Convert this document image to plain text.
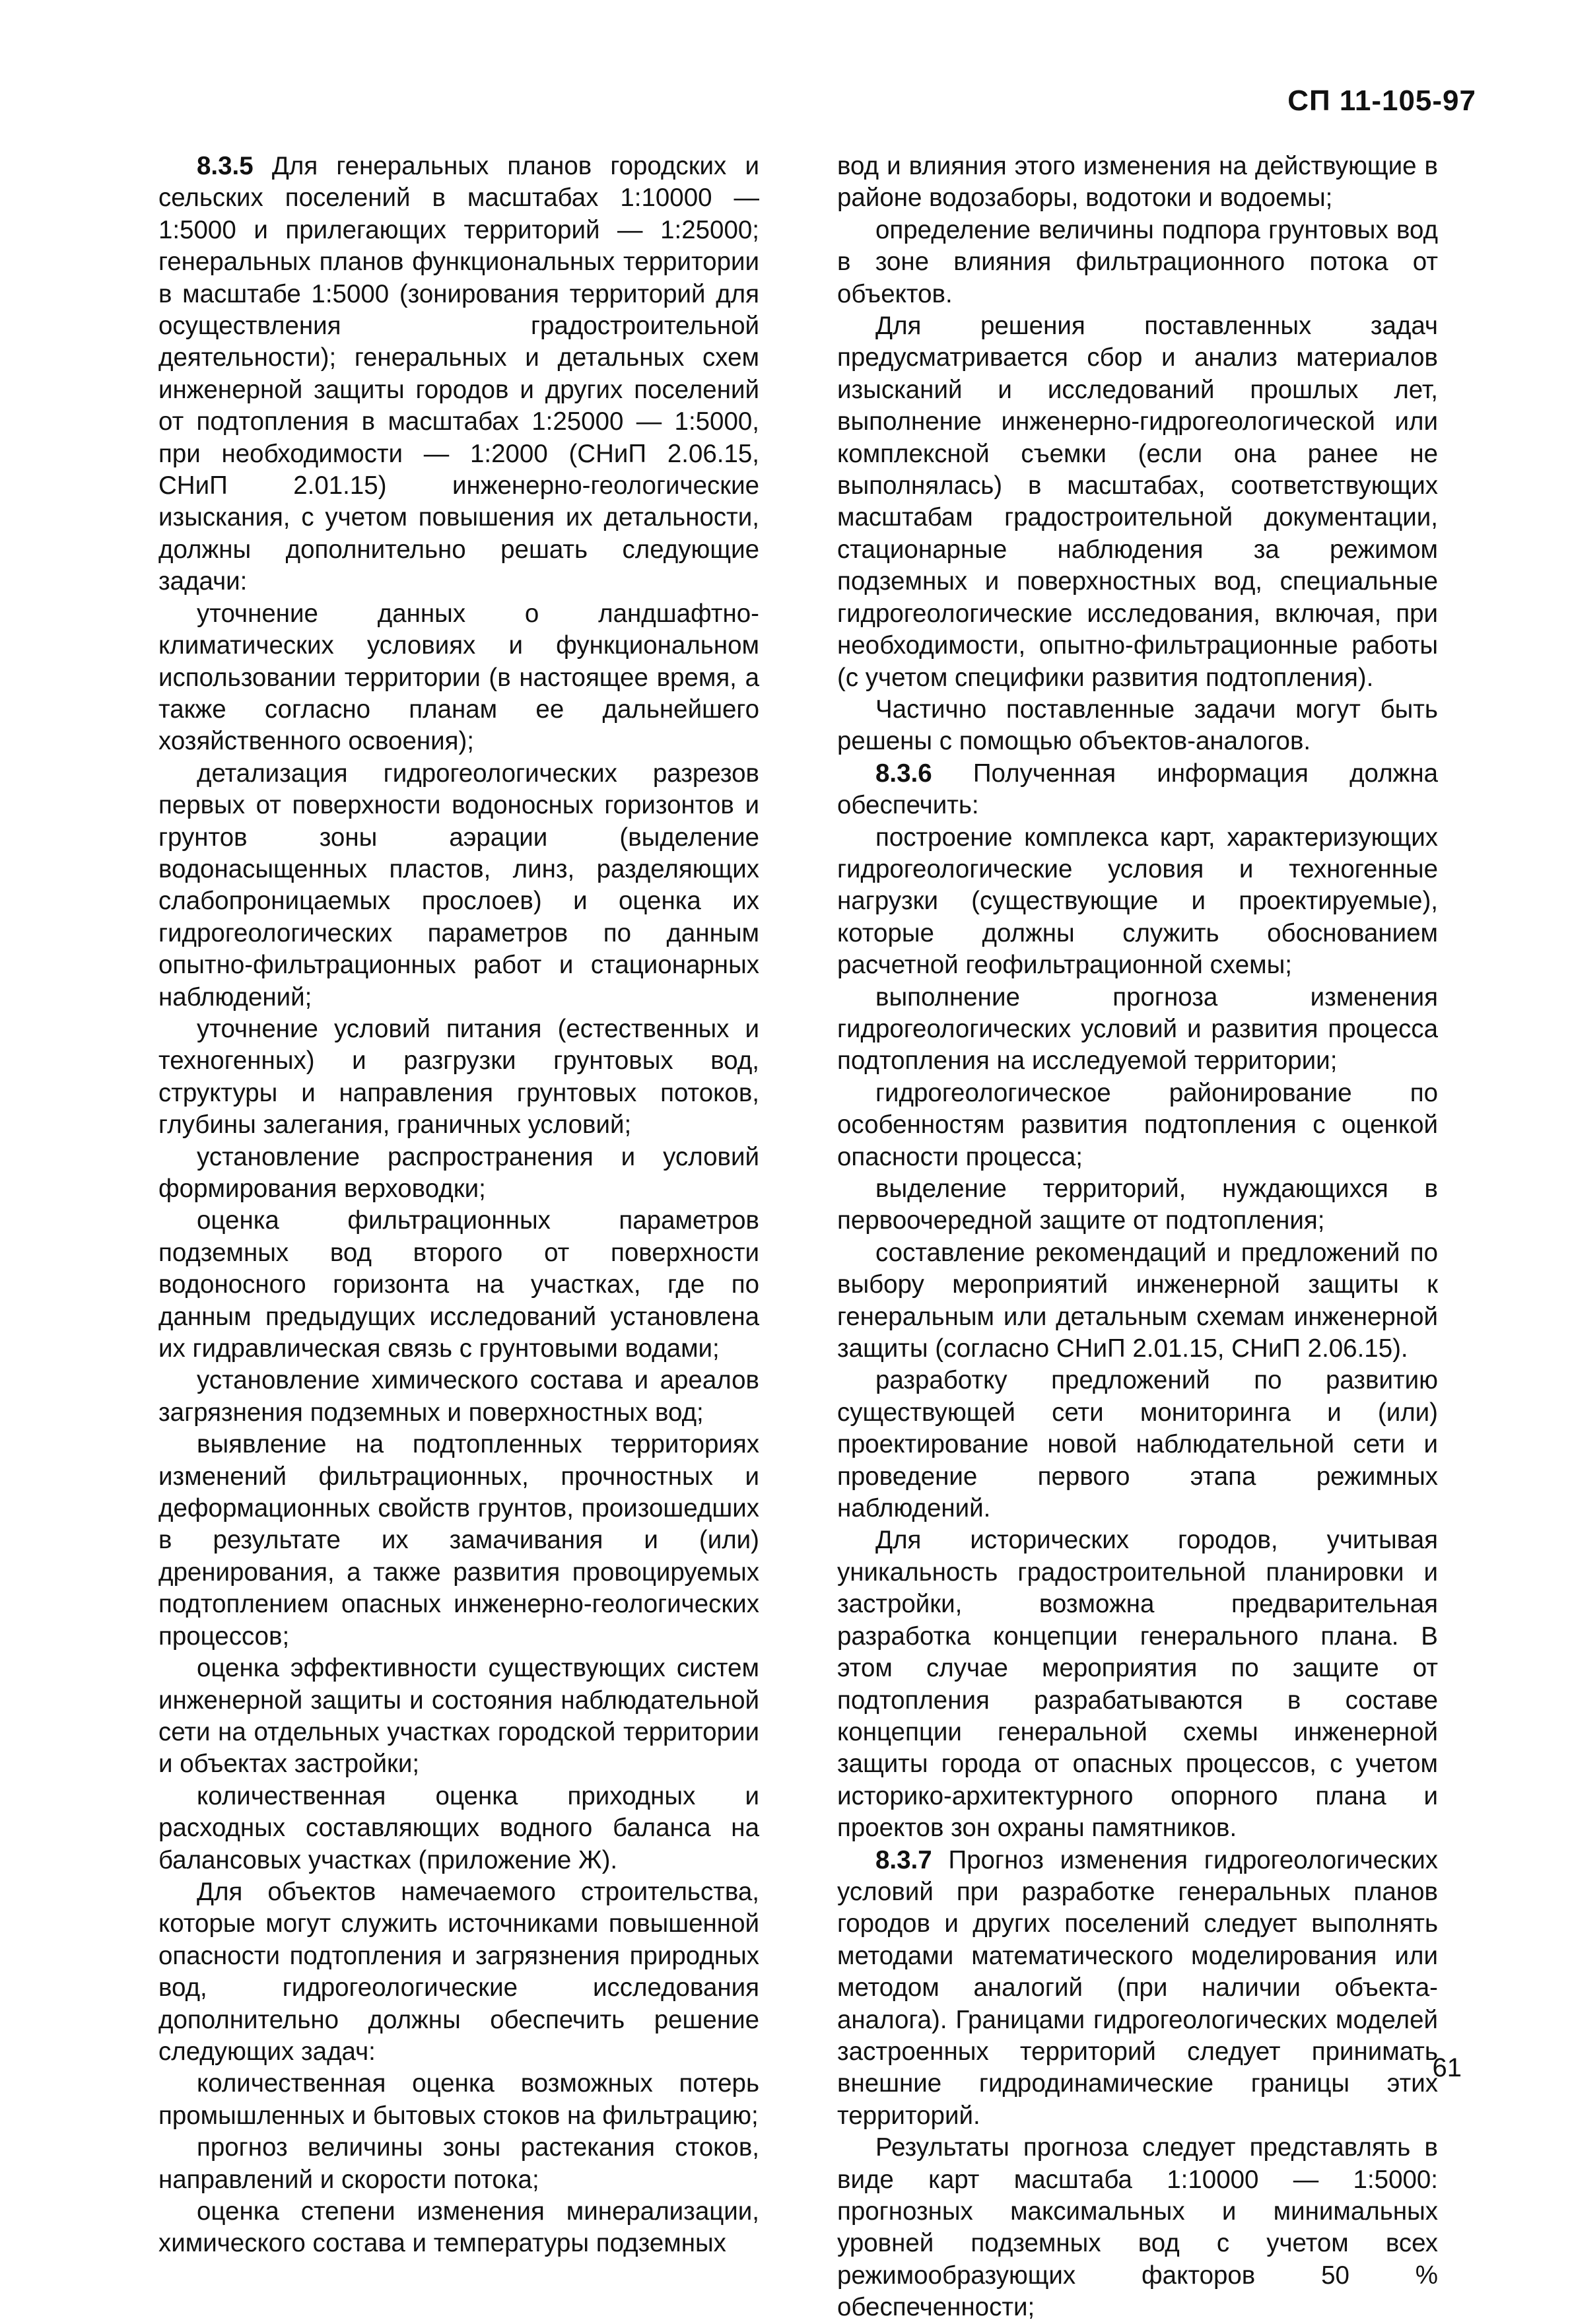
СП 11-105-97

8.3.5 Для генеральных планов городских и сельских поселений в масштабах 1:10000 — 1:5000 и прилегающих территорий — 1:25000; генеральных планов функциональных территории в масштабе 1:5000 (зонирования территорий для осуществления градостроительной деятельности); генеральных и детальных схем инженерной защиты городов и других поселений от подтопления в масштабах 1:25000 — 1:5000, при необходимости — 1:2000 (СНиП 2.06.15, СНиП 2.01.15) инженерно-геологические изыскания, с учетом повышения их детальности, должны дополнительно решать следующие задачи:

уточнение данных о ландшафтно-климатических условиях и функциональном использовании территории (в настоящее время, а также согласно планам ее дальнейшего хозяйственного освоения);

детализация гидрогеологических разрезов первых от поверхности водоносных горизонтов и грунтов зоны аэрации (выделение водонасыщенных пластов, линз, разделяющих слабопроницаемых прослоев) и оценка их гидрогеологических параметров по данным опытно-фильтрационных работ и стационарных наблюдений;

уточнение условий питания (естественных и техногенных) и разгрузки грунтовых вод, структуры и направления грунтовых потоков, глубины залегания, граничных условий;

установление распространения и условий формирования верховодки;

оценка фильтрационных параметров подземных вод второго от поверхности водоносного горизонта на участках, где по данным предыдущих исследований установлена их гидравлическая связь с грунтовыми водами;

установление химического состава и ареалов загрязнения подземных и поверхностных вод;

выявление на подтопленных территориях изменений фильтрационных, прочностных и деформационных свойств грунтов, произошедших в результате их замачивания и (или) дренирования, а также развития провоцируемых подтоплением опасных инженерно-геологических процессов;

оценка эффективности существующих систем инженерной защиты и состояния наблюдательной сети на отдельных участках городской территории и объектах застройки;

количественная оценка приходных и расходных составляющих водного баланса на балансовых участках (приложение Ж).

Для объектов намечаемого строительства, которые могут служить источниками повышенной опасности подтопления и загрязнения природных вод, гидрогеологические исследования дополнительно должны обеспечить решение следующих задач:

количественная оценка возможных потерь промышленных и бытовых стоков на фильтрацию;

прогноз величины зоны растекания стоков, направлений и скорости потока;

оценка степени изменения минерализации, химического состава и температуры подземных

вод и влияния этого изменения на действующие в районе водозаборы, водотоки и водоемы;

определение величины подпора грунтовых вод в зоне влияния фильтрационного потока от объектов.

Для решения поставленных задач предусматривается сбор и анализ материалов изысканий и исследований прошлых лет, выполнение инженерно-гидрогеологической или комплексной съемки (если она ранее не выполнялась) в масштабах, соответствующих масштабам градостроительной документации, стационарные наблюдения за режимом подземных и поверхностных вод, специальные гидрогеологические исследования, включая, при необходимости, опытно-фильтрационные работы (с учетом специфики развития подтопления).

Частично поставленные задачи могут быть решены с помощью объектов-аналогов.

8.3.6 Полученная информация должна обеспечить:

построение комплекса карт, характеризующих гидрогеологические условия и техногенные нагрузки (существующие и проектируемые), которые должны служить обоснованием расчетной геофильтрационной схемы;

выполнение прогноза изменения гидрогеологических условий и развития процесса подтопления на исследуемой территории;

гидрогеологическое районирование по особенностям развития подтопления с оценкой опасности процесса;

выделение территорий, нуждающихся в первоочередной защите от подтопления;

составление рекомендаций и предложений по выбору мероприятий инженерной защиты к генеральным или детальным схемам инженерной защиты (согласно СНиП 2.01.15, СНиП 2.06.15).

разработку предложений по развитию существующей сети мониторинга и (или) проектирование новой наблюдательной сети и проведение первого этапа режимных наблюдений.

Для исторических городов, учитывая уникальность градостроительной планировки и застройки, возможна предварительная разработка концепции генерального плана. В этом случае мероприятия по защите от подтопления разрабатываются в составе концепции генеральной схемы инженерной защиты города от опасных процессов, с учетом историко-архитектурного опорного плана и проектов зон охраны памятников.

8.3.7 Прогноз изменения гидрогеологических условий при разработке генеральных планов городов и других поселений следует выполнять методами математического моделирования или методом аналогий (при наличии объекта-аналога). Границами гидрогеологических моделей застроенных территорий следует принимать внешние гидродинамические границы этих территорий.

Результаты прогноза следует представлять в виде карт масштаба 1:10000 — 1:5000: прогнозных максимальных и минимальных уровней подземных вод с учетом всех режимообразующих факторов 50 % обеспеченности;

61
